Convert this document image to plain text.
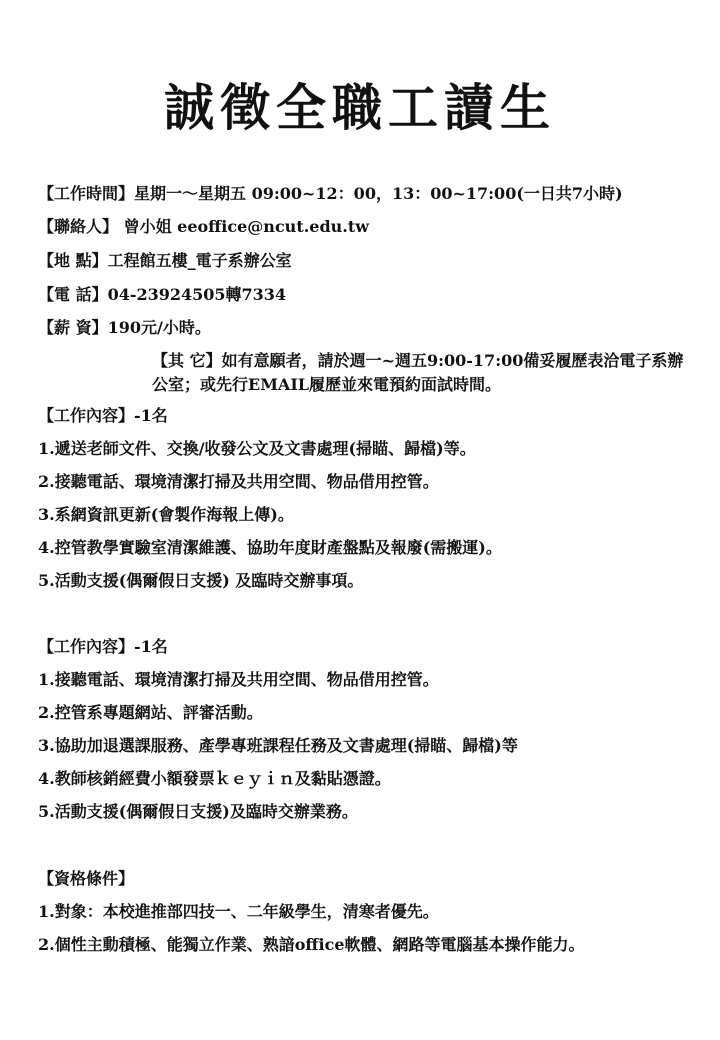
誠徵全職工讀生
【工作時間】星期一～星期五 09:00~12：00，13：00~17:00(一日共7小時)
【聯絡人】 曾小姐 eeoffice@ncut.edu.tw
【地 點】工程館五樓_電子系辦公室
【電 話】04-23924505轉7334
【薪 資】190元/小時。
【其 它】如有意願者，請於週一~週五9:00-17:00備妥履歷表洽電子系辦公室；或先行EMAIL履歷並來電預約面試時間。
【工作內容】-1名
1.遞送老師文件、交換/收發公文及文書處理(掃瞄、歸檔)等。
2.接聽電話、環境清潔打掃及共用空間、物品借用控管。
3.系網資訊更新(會製作海報上傳)。
4.控管教學實驗室清潔維護、協助年度財產盤點及報廢(需搬運)。
5.活動支援(偶爾假日支援) 及臨時交辦事項。
【工作內容】-1名
1.接聽電話、環境清潔打掃及共用空間、物品借用控管。
2.控管系專題網站、評審活動。
3.協助加退選課服務、產學專班課程任務及文書處理(掃瞄、歸檔)等
4.教師核銷經費小額發票ｋｅｙｉｎ及黏貼憑證。
5.活動支援(偶爾假日支援)及臨時交辦業務。
【資格條件】
1.對象：本校進推部四技一、二年級學生，清寒者優先。
2.個性主動積極、能獨立作業、熟諳office軟體、網路等電腦基本操作能力。
